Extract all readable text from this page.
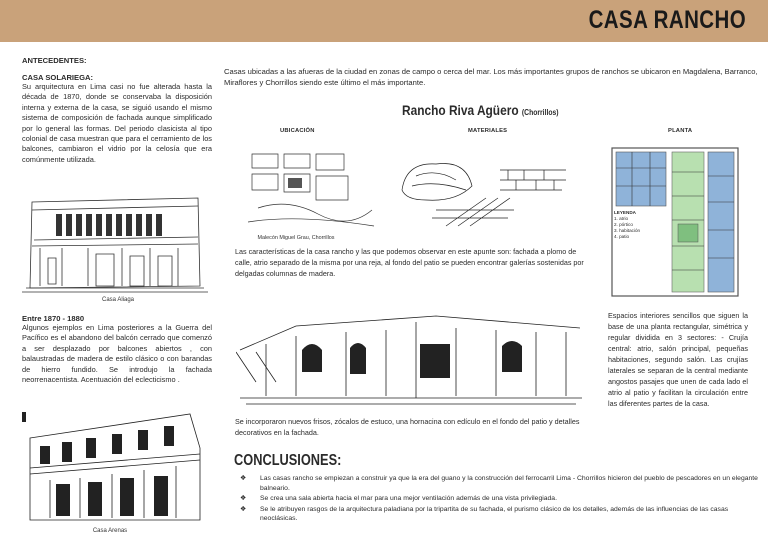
CASA RANCHO
ANTECEDENTES:
CASA SOLARIEGA:

Su arquitectura en Lima casi no fue alterada hasta la década de 1870, donde se conservaba la disposición interna y externa de la casa, se siguió usando el mismo sistema de composición de fachada aunque simplificado por lo general las formas. Del periodo clasicista al tipo colonial de casa muestran que para el cerramiento de los balcones, cambiaron el vidrio por la celosía que era comúnmente utilizada.

Casa Aliaga
Entre 1870 - 1880

Algunos ejemplos en Lima posteriores a la Guerra del Pacífico es el abandono del balcón cerrado que comenzó a ser desplazado por balcones abiertos , con balaustradas de madera de estilo clásico o con barandas de hierro fundido. Se introdujo la fachada neorrenacentista. Acentuación del eclecticismo .

Casa Arenas

Casas ubicadas a las afueras de la ciudad en zonas de campo o cerca del mar. Los más importantes grupos de ranchos se ubicaron en Magdalena, Barranco, Miraflores y Chorrillos siendo este último el más importante.

Rancho Riva Agüero (Chorrillos)
UBICACIÓN	MATERIALES	PLANTA
Malecón Miguel Grau, Chorrillos

Las características de la casa rancho y las que podemos observar en este apunte son: fachada a plomo de calle, atrio separado de la misma por una reja, al fondo del patio se pueden encontrar galerías sostenidas por delgadas columnas de madera.

Se incorporaron nuevos frisos, zócalos de estuco, una hornacina con edículo en el fondo del patio y detalles decorativos en la fachada.

LEYENDA
1. atrio
2. pórtico
3. habitación
4. patio

Espacios interiores sencillos que siguen la base de una planta rectangular, simétrica y regular dividida en 3 sectores: - Crujía central: atrio, salón principal, pequeñas habitaciones, segundo salón. Las crujías laterales se separan de la central mediante angostos pasajes que unen de cada lado el atrio al patio y facilitan la circulación entre las diferentes partes de la casa.

CONCLUSIONES:
❖ Las casas rancho se empiezan a construir ya que la era del guano y la construcción del ferrocarril Lima - Chorrillos hicieron del pueblo de pescadores en un elegante balneario.
❖ Se crea una sala abierta hacia el mar para una mejor ventilación además de una vista privilegiada.
❖ Se le atribuyen rasgos de la arquitectura paladiana por la tripartita de su fachada, el purismo clásico de los detalles, además de las influencias de las casas neoclásicas.
